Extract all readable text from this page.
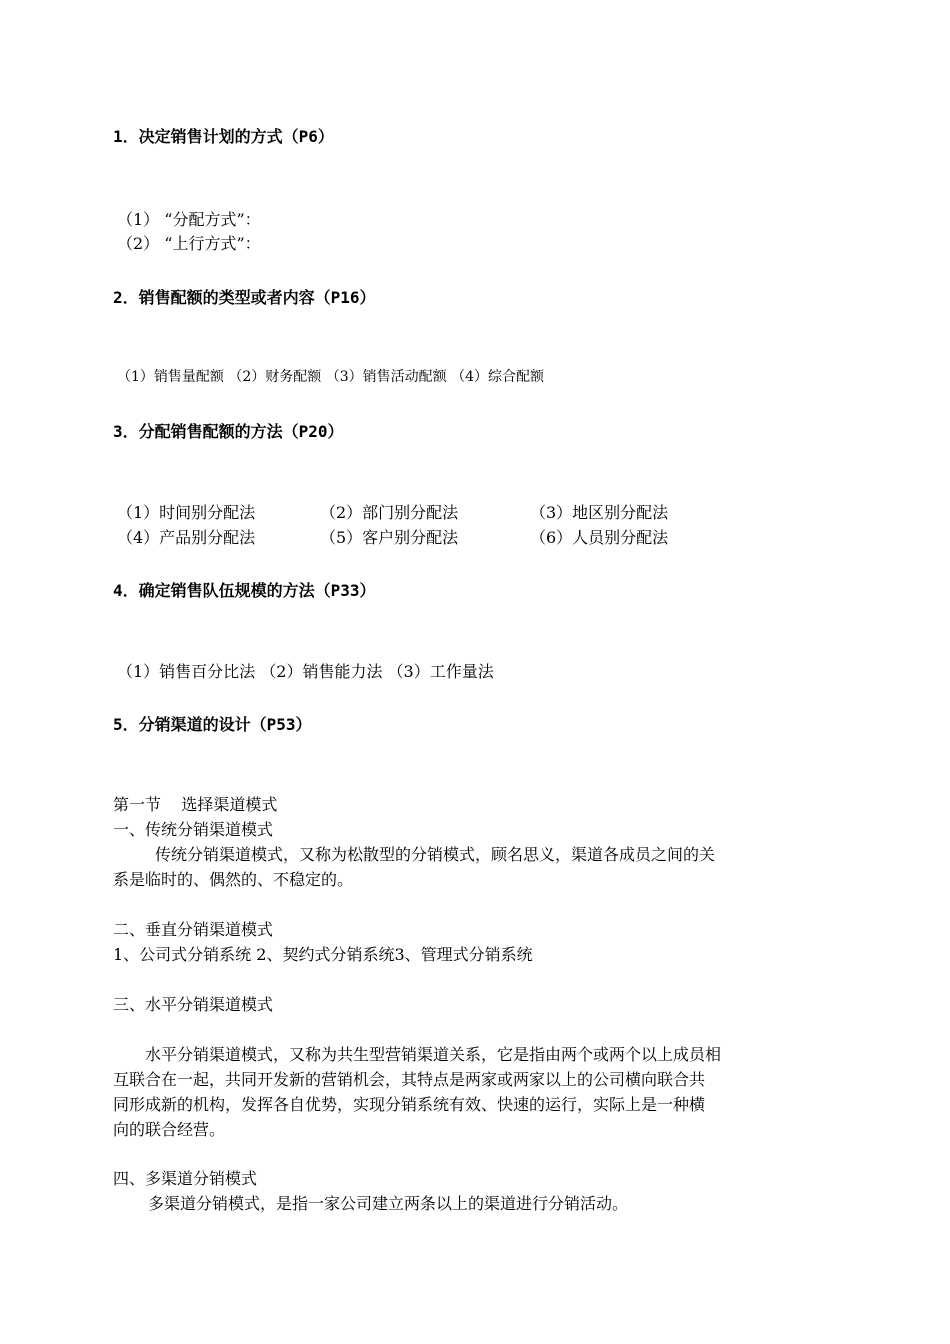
1．决定销售计划的方式（P6）
（1） “分配方式”：
（2） “上行方式”：
2．销售配额的类型或者内容（P16）
（1）销售量配额 （2）财务配额 （3）销售活动配额 （4）综合配额
3．分配销售配额的方法（P20）
（1）时间别分配法	（2）部门别分配法	（3）地区别分配法
（4）产品别分配法	（5）客户别分配法	（6）人员别分配法
4．确定销售队伍规模的方法（P33）
（1）销售百分比法 （2）销售能力法 （3）工作量法
5．分销渠道的设计（P53）
第一节    选择渠道模式
一、传统分销渠道模式
传统分销渠道模式，又称为松散型的分销模式，顾名思义，渠道各成员之间的关
系是临时的、偶然的、不稳定的。
二、垂直分销渠道模式
1、公司式分销系统 2、契约式分销系统3、管理式分销系统
三、水平分销渠道模式
水平分销渠道模式，又称为共生型营销渠道关系，它是指由两个或两个以上成员相
互联合在一起，共同开发新的营销机会，其特点是两家或两家以上的公司横向联合共
同形成新的机构，发挥各自优势，实现分销系统有效、快速的运行，实际上是一种横
向的联合经营。
四、多渠道分销模式
多渠道分销模式，是指一家公司建立两条以上的渠道进行分销活动。
